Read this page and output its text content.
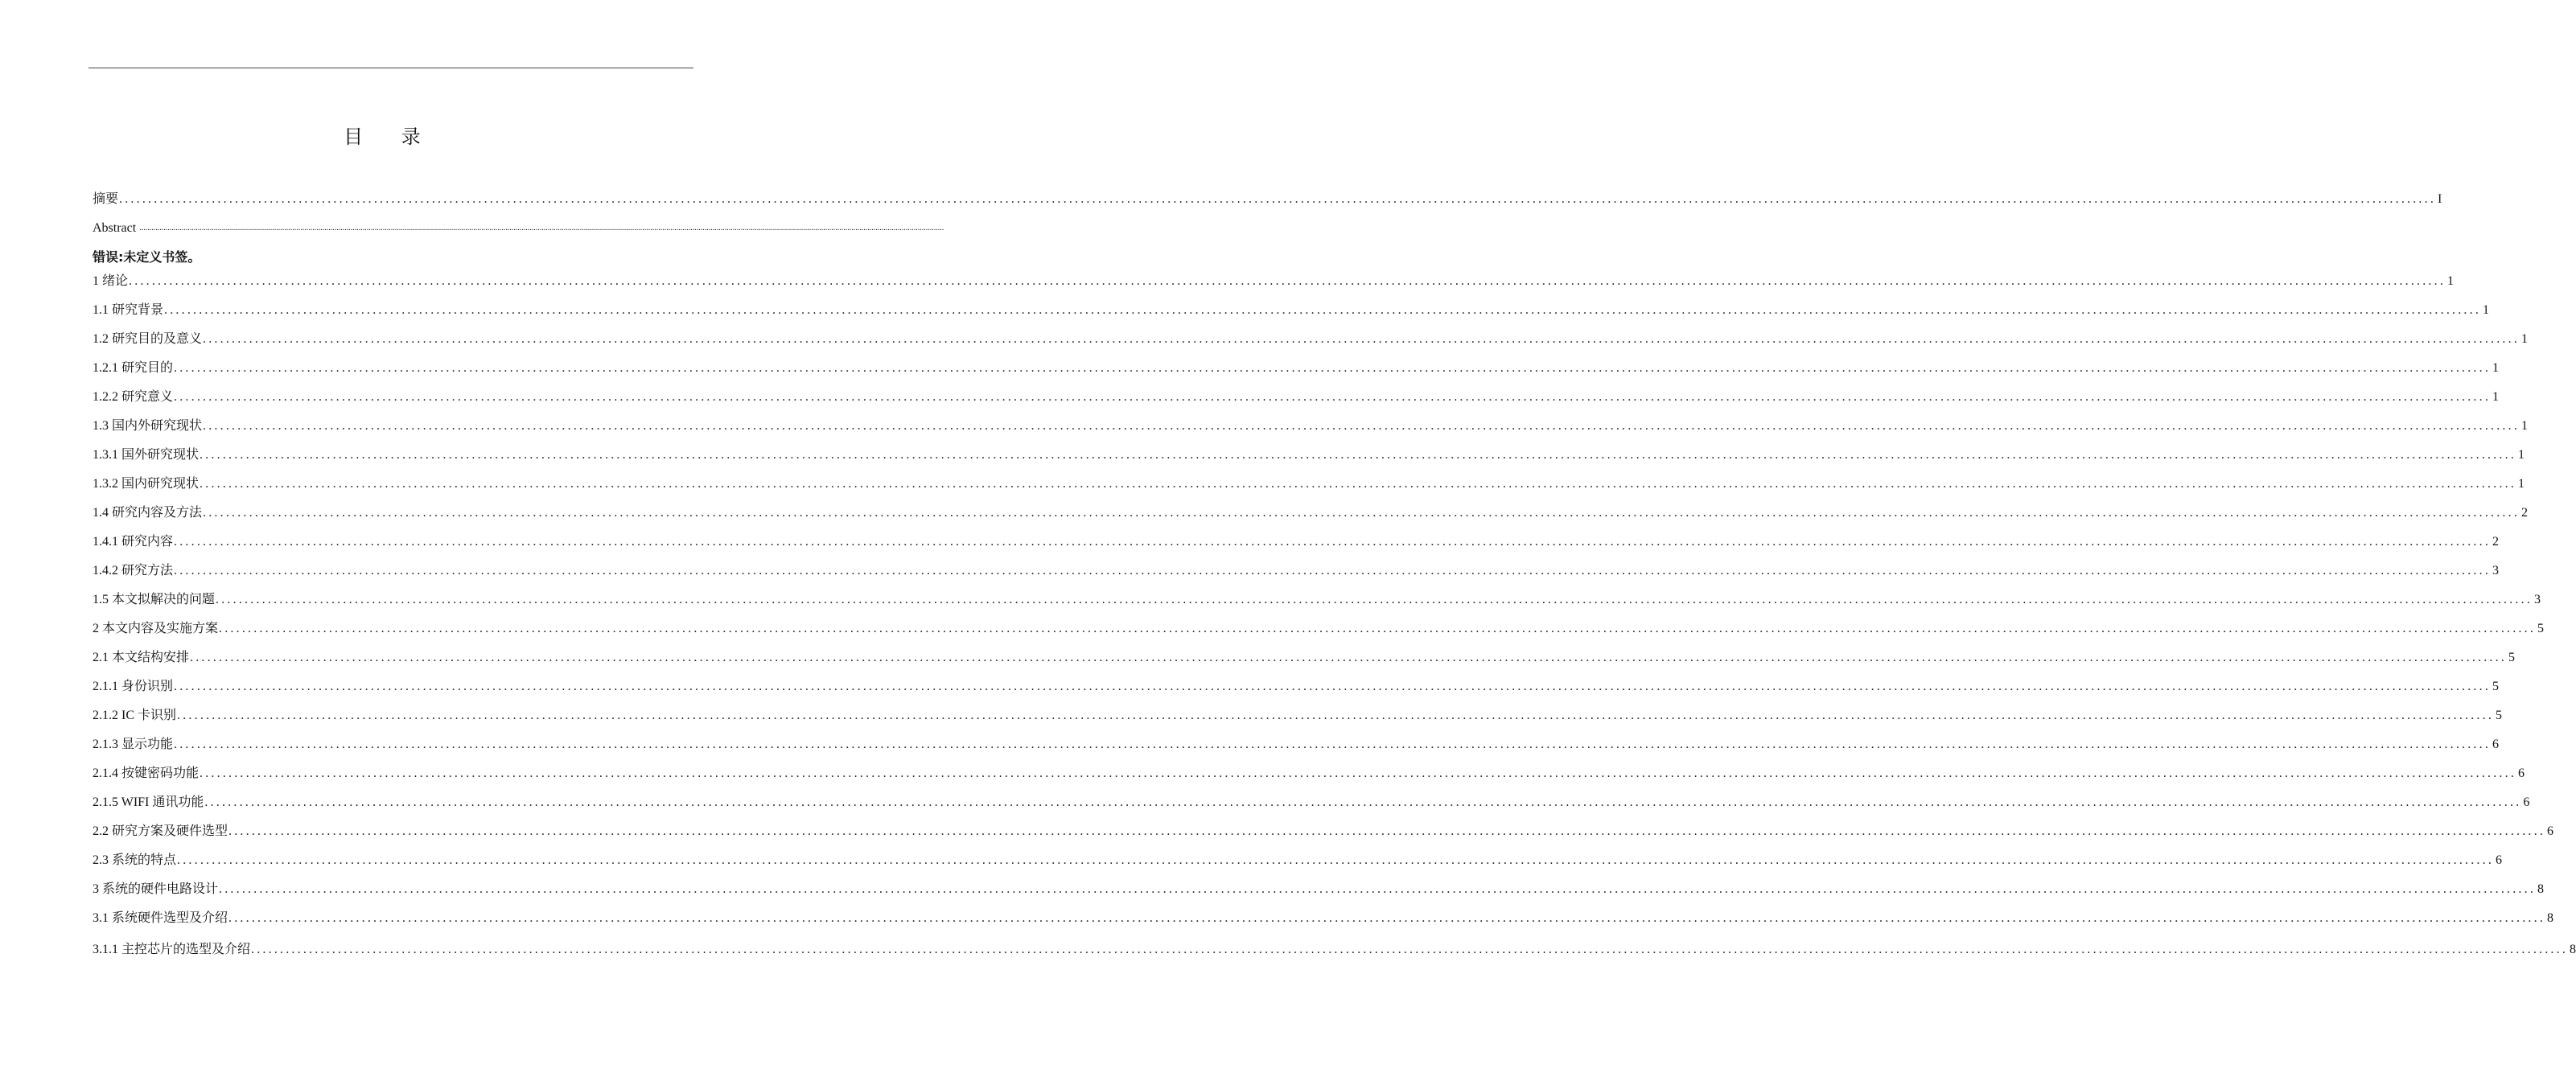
目 录
摘要 ................................................................................................................................................................................................................................................................................................................................................................................................................ I
Abstract ................................................................................................................................................................................................................................................................................................................................................................................................................
错误:未定义书签。
1 绪论 ................................................................................................................................................................................................................................................................................................................................................................................................................ 1
1.1 研究背景 ................................................................................................................................................................................................................................................................................................................................................................................................................ 1
1.2 研究目的及意义 ................................................................................................................................................................................................................................................................................................................................................................................................................ 1
1.2.1 研究目的 ................................................................................................................................................................................................................................................................................................................................................................................................................ 1
1.2.2 研究意义 ................................................................................................................................................................................................................................................................................................................................................................................................................ 1
1.3 国内外研究现状 ................................................................................................................................................................................................................................................................................................................................................................................................................ 1
1.3.1 国外研究现状 ................................................................................................................................................................................................................................................................................................................................................................................................................ 1
1.3.2 国内研究现状 ................................................................................................................................................................................................................................................................................................................................................................................................................ 1
1.4 研究内容及方法 ................................................................................................................................................................................................................................................................................................................................................................................................................ 2
1.4.1 研究内容 ................................................................................................................................................................................................................................................................................................................................................................................................................ 2
1.4.2 研究方法 ................................................................................................................................................................................................................................................................................................................................................................................................................ 3
1.5 本文拟解决的问题 ................................................................................................................................................................................................................................................................................................................................................................................................................ 3
2 本文内容及实施方案 ................................................................................................................................................................................................................................................................................................................................................................................................................ 5
2.1 本文结构安排 ................................................................................................................................................................................................................................................................................................................................................................................................................ 5
2.1.1 身份识别 ................................................................................................................................................................................................................................................................................................................................................................................................................ 5
2.1.2 IC 卡识别 ................................................................................................................................................................................................................................................................................................................................................................................................................ 5
2.1.3 显示功能 ................................................................................................................................................................................................................................................................................................................................................................................................................ 6
2.1.4 按键密码功能 ................................................................................................................................................................................................................................................................................................................................................................................................................ 6
2.1.5 WIFI 通讯功能 ................................................................................................................................................................................................................................................................................................................................................................................................................ 6
2.2 研究方案及硬件选型 ................................................................................................................................................................................................................................................................................................................................................................................................................ 6
2.3 系统的特点 ................................................................................................................................................................................................................................................................................................................................................................................................................ 6
3 系统的硬件电路设计 ................................................................................................................................................................................................................................................................................................................................................................................................................ 8
3.1 系统硬件选型及介绍 ................................................................................................................................................................................................................................................................................................................................................................................................................ 8
3.1.1 主控芯片的选型及介绍 ................................................................................................................................................................................................................................................................................................................................................................................................................ 8
